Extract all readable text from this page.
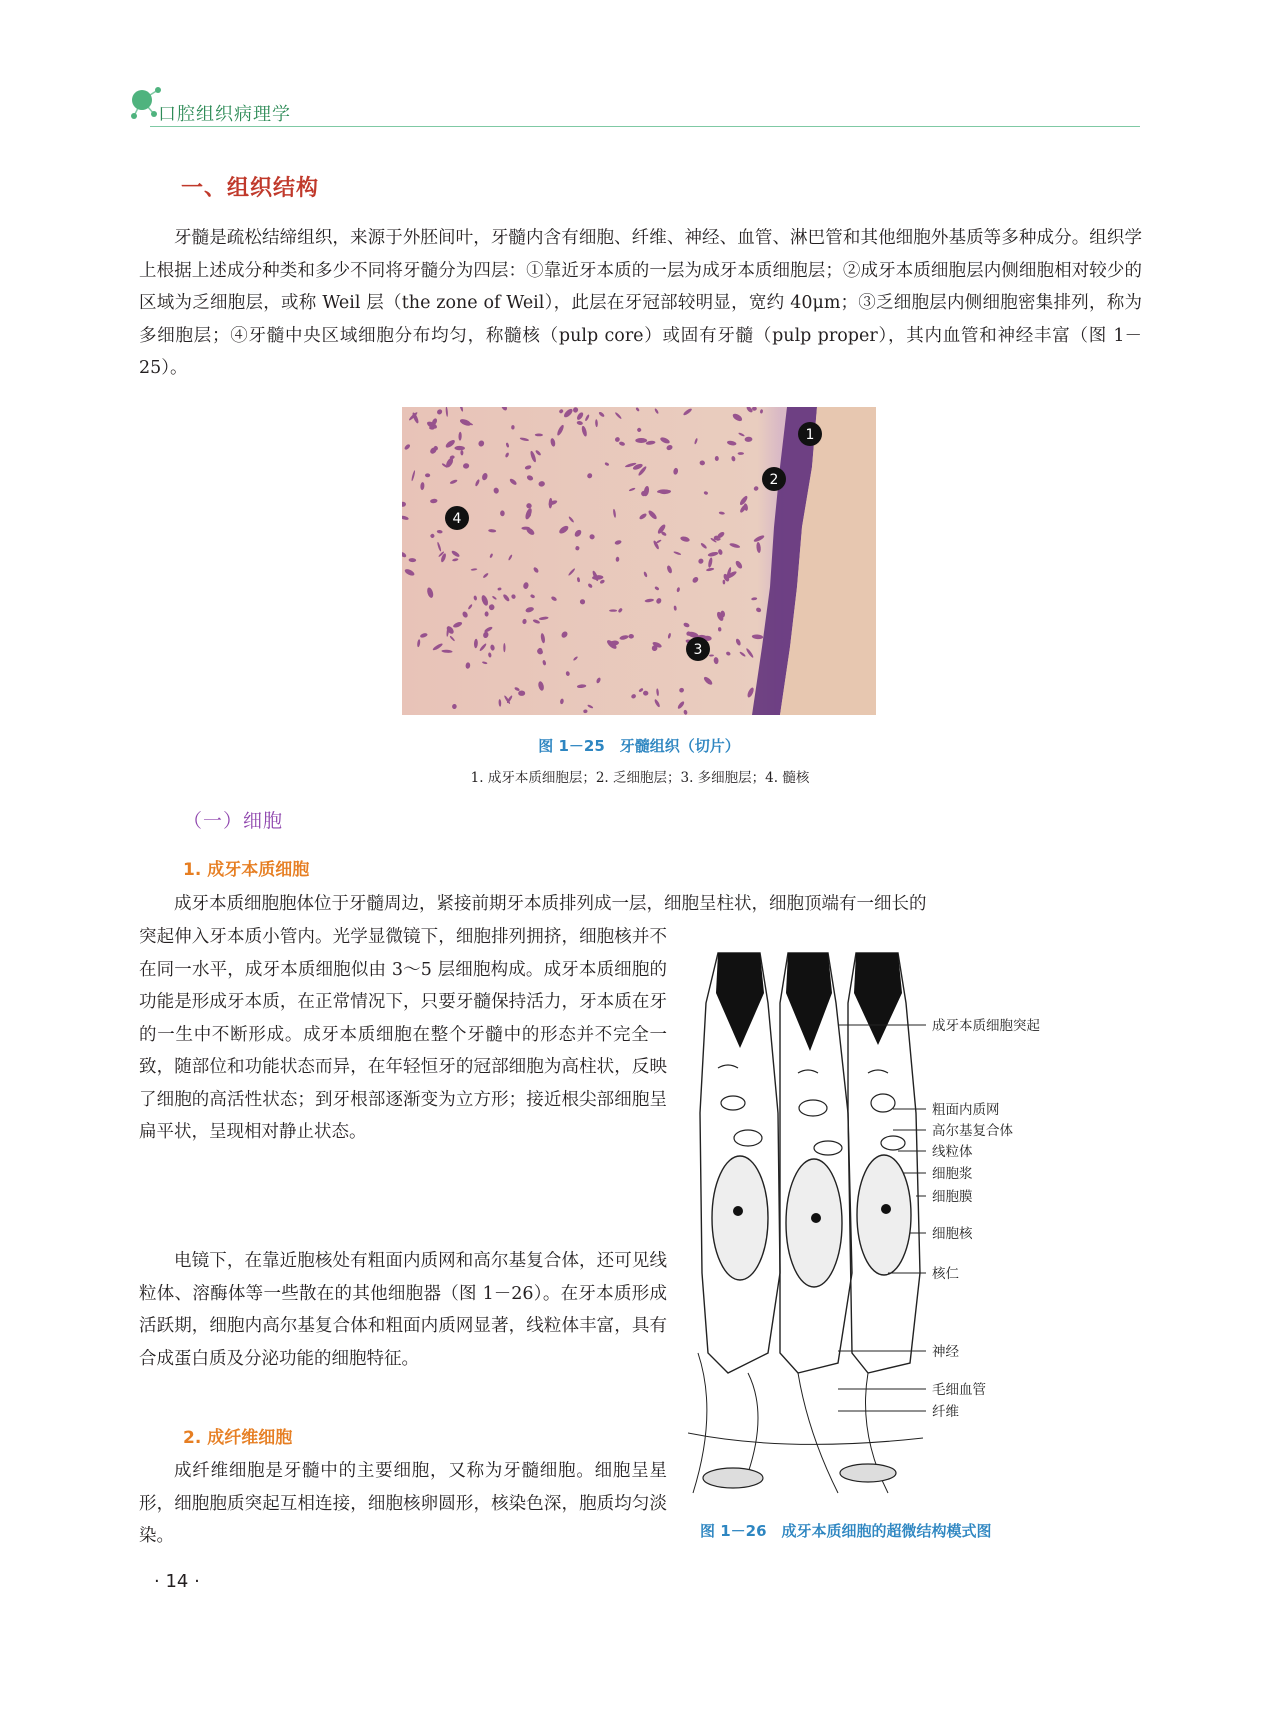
口腔组织病理学
一、组织结构

牙髓是疏松结缔组织，来源于外胚间叶，牙髓内含有细胞、纤维、神经、血管、淋巴管和其他细胞外基质等多种成分。组织学上根据上述成分种类和多少不同将牙髓分为四层：①靠近牙本质的一层为成牙本质细胞层；②成牙本质细胞层内侧细胞相对较少的区域为乏细胞层，或称 Weil 层（the zone of Weil），此层在牙冠部较明显，宽约 40μm；③乏细胞层内侧细胞密集排列，称为多细胞层；④牙髓中央区域细胞分布均匀，称髓核（pulp core）或固有牙髓（pulp proper），其内血管和神经丰富（图 1－25）。

1
2
3
4
图 1－25　牙髓组织（切片）
1. 成牙本质细胞层；2. 乏细胞层；3. 多细胞层；4. 髓核
（一）细胞
1. 成牙本质细胞

成牙本质细胞胞体位于牙髓周边，紧接前期牙本质排列成一层，细胞呈柱状，细胞顶端有一细长的

突起伸入牙本质小管内。光学显微镜下，细胞排列拥挤，细胞核并不在同一水平，成牙本质细胞似由 3～5 层细胞构成。成牙本质细胞的功能是形成牙本质，在正常情况下，只要牙髓保持活力，牙本质在牙的一生中不断形成。成牙本质细胞在整个牙髓中的形态并不完全一致，随部位和功能状态而异，在年轻恒牙的冠部细胞为高柱状，反映了细胞的高活性状态；到牙根部逐渐变为立方形；接近根尖部细胞呈扁平状，呈现相对静止状态。

电镜下，在靠近胞核处有粗面内质网和高尔基复合体，还可见线粒体、溶酶体等一些散在的其他细胞器（图 1－26）。在牙本质形成活跃期，细胞内高尔基复合体和粗面内质网显著，线粒体丰富，具有合成蛋白质及分泌功能的细胞特征。

2. 成纤维细胞

成纤维细胞是牙髓中的主要细胞，又称为牙髓细胞。细胞呈星形，细胞胞质突起互相连接，细胞核卵圆形，核染色深，胞质均匀淡染。

成牙本质细胞突起
粗面内质网
高尔基复合体
线粒体
细胞浆
细胞膜
细胞核
核仁
神经
毛细血管
纤维
图 1－26　成牙本质细胞的超微结构模式图
· 14 ·
